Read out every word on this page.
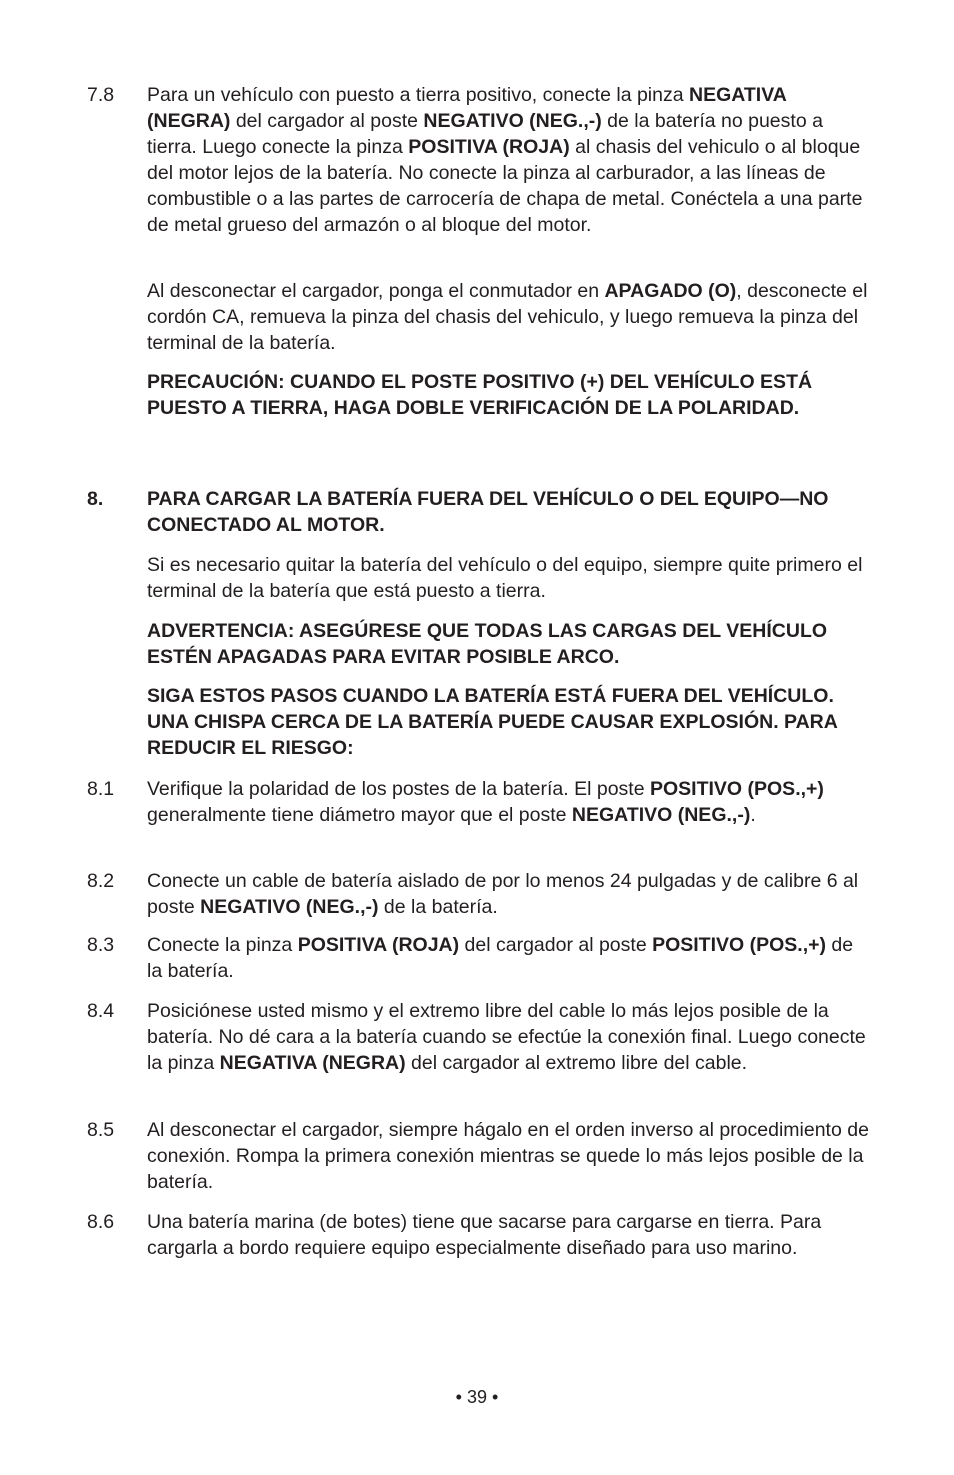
7.8	Para un vehículo con puesto a tierra positivo, conecte la pinza NEGATIVA (NEGRA) del cargador al poste NEGATIVO (NEG.,-) de la batería no puesto a tierra. Luego conecte la pinza POSITIVA (ROJA) al chasis del vehiculo o al bloque del motor lejos de la batería. No conecte la pinza al carburador, a las líneas de combustible o a las partes de carrocería de chapa de metal. Conéctela a una parte de metal grueso del armazón o al bloque del motor.
Al desconectar el cargador, ponga el conmutador en APAGADO (O), desconecte el cordón CA, remueva la pinza del chasis del vehiculo, y luego remueva la pinza del terminal de la batería.
PRECAUCIÓN: CUANDO EL POSTE POSITIVO (+) DEL VEHÍCULO ESTÁ PUESTO A TIERRA, HAGA DOBLE VERIFICACIÓN DE LA POLARIDAD.
8.	PARA CARGAR LA BATERÍA FUERA DEL VEHÍCULO O DEL EQUIPO—NO CONECTADO AL MOTOR.
Si es necesario quitar la batería del vehículo o del equipo, siempre quite primero el terminal de la batería que está puesto a tierra.
ADVERTENCIA: ASEGÚRESE QUE TODAS LAS CARGAS DEL VEHÍCULO ESTÉN APAGADAS PARA EVITAR POSIBLE ARCO.
SIGA ESTOS PASOS CUANDO LA BATERÍA ESTÁ FUERA DEL VEHÍCULO. UNA CHISPA CERCA DE LA BATERÍA PUEDE CAUSAR EXPLOSIÓN. PARA REDUCIR EL RIESGO:
8.1	Verifique la polaridad de los postes de la batería. El poste POSITIVO (POS.,+) generalmente tiene diámetro mayor que el poste NEGATIVO (NEG.,-).
8.2	Conecte un cable de batería aislado de por lo menos 24 pulgadas y de calibre 6 al poste NEGATIVO (NEG.,-) de la batería.
8.3	Conecte la pinza POSITIVA (ROJA) del cargador al poste POSITIVO (POS.,+) de la batería.
8.4	Posiciónese usted mismo y el extremo libre del cable lo más lejos posible de la batería. No dé cara a la batería cuando se efectúe la conexión final. Luego conecte la pinza NEGATIVA (NEGRA) del cargador al extremo libre del cable.
8.5	Al desconectar el cargador, siempre hágalo en el orden inverso al procedimiento de conexión. Rompa la primera conexión mientras se quede lo más lejos posible de la batería.
8.6	Una batería marina (de botes) tiene que sacarse para cargarse en tierra. Para cargarla a bordo requiere equipo especialmente diseñado para uso marino.
• 39 •
